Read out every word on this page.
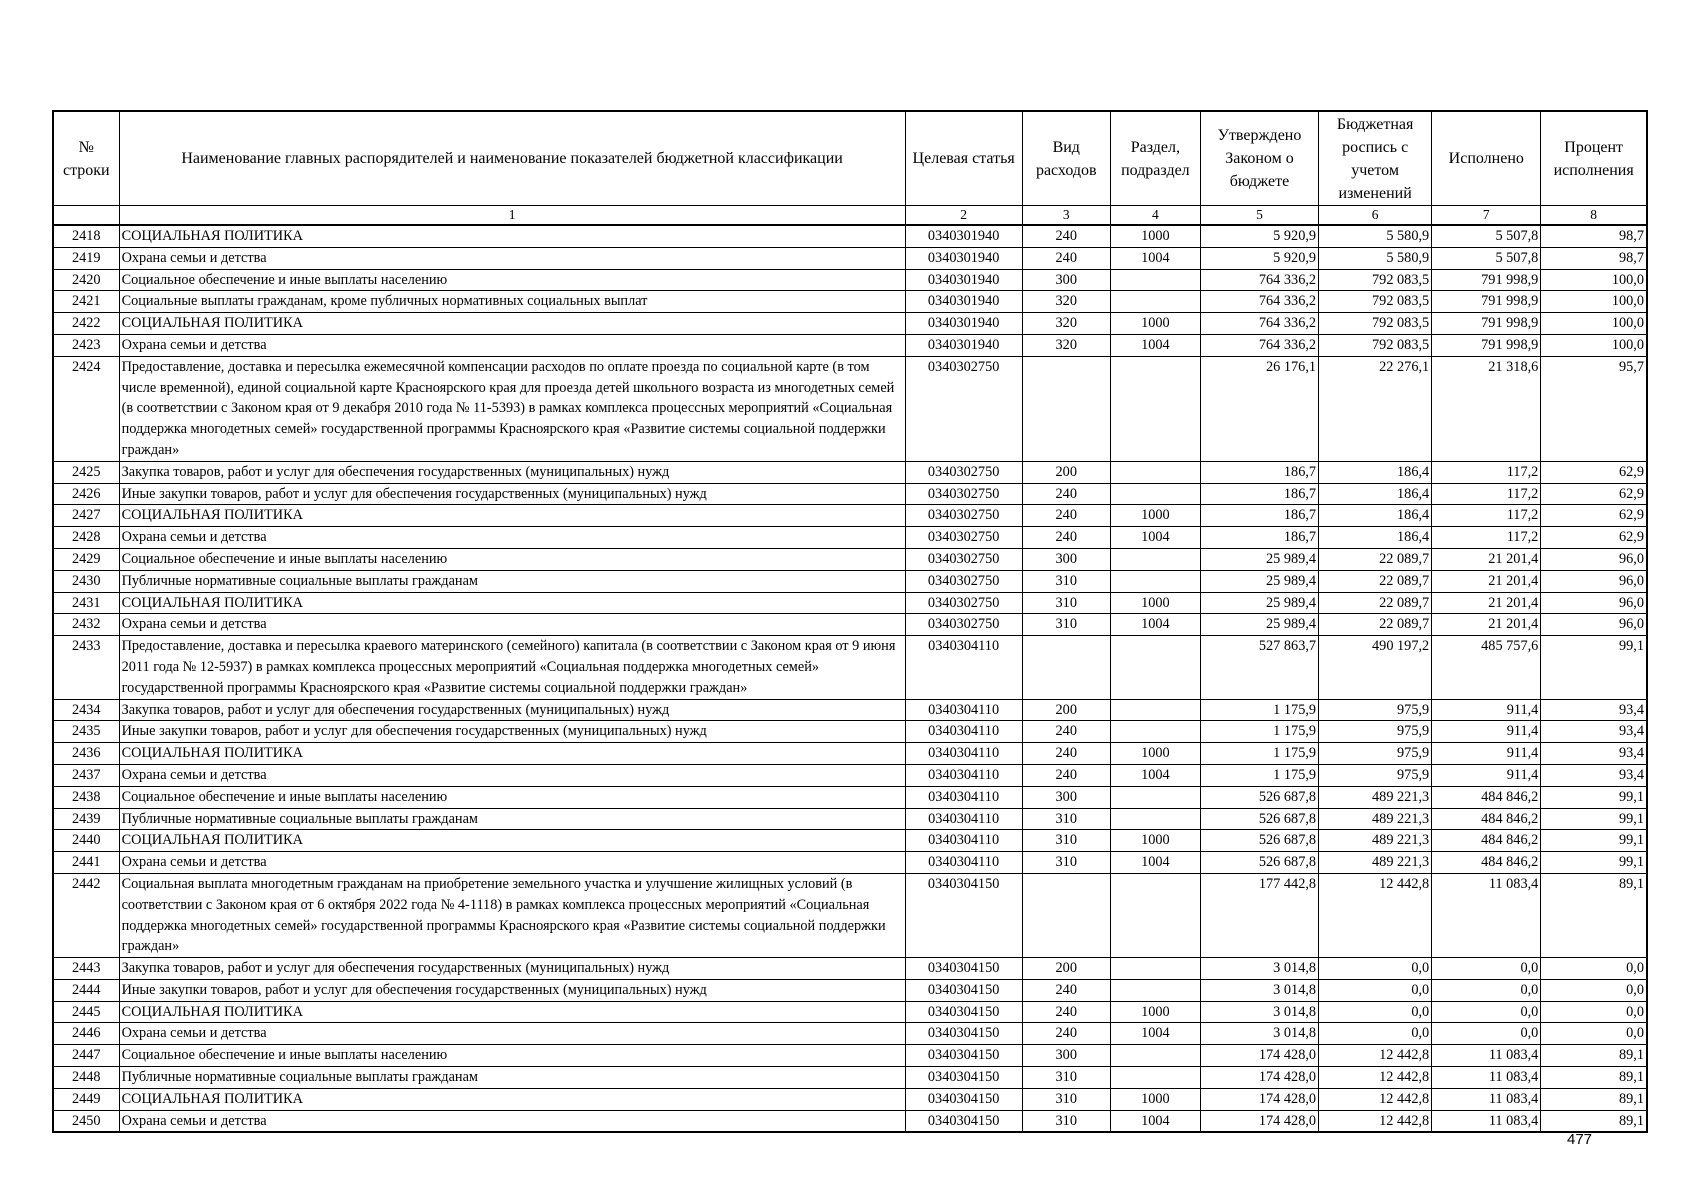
№ строки	Наименование главных распорядителей и наименование показателей бюджетной классификации	Целевая статья	Вид расходов	Раздел, подраздел	Утверждено Законом о бюджете	Бюджетная роспись с учетом изменений	Исполнено	Процент исполнения
	1	2	3	4	5	6	7	8
2418	СОЦИАЛЬНАЯ ПОЛИТИКА	0340301940	240	1000	5 920,9	5 580,9	5 507,8	98,7
2419	Охрана семьи и детства	0340301940	240	1004	5 920,9	5 580,9	5 507,8	98,7
2420	Социальное обеспечение и иные выплаты населению	0340301940	300		764 336,2	792 083,5	791 998,9	100,0
2421	Социальные выплаты гражданам, кроме публичных нормативных социальных выплат	0340301940	320		764 336,2	792 083,5	791 998,9	100,0
2422	СОЦИАЛЬНАЯ ПОЛИТИКА	0340301940	320	1000	764 336,2	792 083,5	791 998,9	100,0
2423	Охрана семьи и детства	0340301940	320	1004	764 336,2	792 083,5	791 998,9	100,0
2424	Предоставление, доставка и пересылка ежемесячной компенсации расходов по оплате проезда по социальной карте (в том числе временной), единой социальной карте Красноярского края для проезда детей школьного возраста из многодетных семей (в соответствии с Законом края от 9 декабря 2010 года № 11-5393) в рамках комплекса процессных мероприятий «Социальная поддержка многодетных семей» государственной программы Красноярского края «Развитие системы социальной поддержки граждан»	0340302750			26 176,1	22 276,1	21 318,6	95,7
2425	Закупка товаров, работ и услуг для обеспечения государственных (муниципальных) нужд	0340302750	200		186,7	186,4	117,2	62,9
2426	Иные закупки товаров, работ и услуг для обеспечения государственных (муниципальных) нужд	0340302750	240		186,7	186,4	117,2	62,9
2427	СОЦИАЛЬНАЯ ПОЛИТИКА	0340302750	240	1000	186,7	186,4	117,2	62,9
2428	Охрана семьи и детства	0340302750	240	1004	186,7	186,4	117,2	62,9
2429	Социальное обеспечение и иные выплаты населению	0340302750	300		25 989,4	22 089,7	21 201,4	96,0
2430	Публичные нормативные социальные выплаты гражданам	0340302750	310		25 989,4	22 089,7	21 201,4	96,0
2431	СОЦИАЛЬНАЯ ПОЛИТИКА	0340302750	310	1000	25 989,4	22 089,7	21 201,4	96,0
2432	Охрана семьи и детства	0340302750	310	1004	25 989,4	22 089,7	21 201,4	96,0
2433	Предоставление, доставка и пересылка краевого материнского (семейного) капитала (в соответствии с Законом края от 9 июня 2011 года № 12-5937) в рамках комплекса процессных мероприятий «Социальная поддержка многодетных семей» государственной программы Красноярского края «Развитие системы социальной поддержки граждан»	0340304110			527 863,7	490 197,2	485 757,6	99,1
2434	Закупка товаров, работ и услуг для обеспечения государственных (муниципальных) нужд	0340304110	200		1 175,9	975,9	911,4	93,4
2435	Иные закупки товаров, работ и услуг для обеспечения государственных (муниципальных) нужд	0340304110	240		1 175,9	975,9	911,4	93,4
2436	СОЦИАЛЬНАЯ ПОЛИТИКА	0340304110	240	1000	1 175,9	975,9	911,4	93,4
2437	Охрана семьи и детства	0340304110	240	1004	1 175,9	975,9	911,4	93,4
2438	Социальное обеспечение и иные выплаты населению	0340304110	300		526 687,8	489 221,3	484 846,2	99,1
2439	Публичные нормативные социальные выплаты гражданам	0340304110	310		526 687,8	489 221,3	484 846,2	99,1
2440	СОЦИАЛЬНАЯ ПОЛИТИКА	0340304110	310	1000	526 687,8	489 221,3	484 846,2	99,1
2441	Охрана семьи и детства	0340304110	310	1004	526 687,8	489 221,3	484 846,2	99,1
2442	Социальная выплата многодетным гражданам на приобретение земельного участка и улучшение жилищных условий (в соответствии с Законом края от 6 октября 2022 года № 4-1118) в рамках комплекса процессных мероприятий «Социальная поддержка многодетных семей» государственной программы Красноярского края «Развитие системы социальной поддержки граждан»	0340304150			177 442,8	12 442,8	11 083,4	89,1
2443	Закупка товаров, работ и услуг для обеспечения государственных (муниципальных) нужд	0340304150	200		3 014,8	0,0	0,0	0,0
2444	Иные закупки товаров, работ и услуг для обеспечения государственных (муниципальных) нужд	0340304150	240		3 014,8	0,0	0,0	0,0
2445	СОЦИАЛЬНАЯ ПОЛИТИКА	0340304150	240	1000	3 014,8	0,0	0,0	0,0
2446	Охрана семьи и детства	0340304150	240	1004	3 014,8	0,0	0,0	0,0
2447	Социальное обеспечение и иные выплаты населению	0340304150	300		174 428,0	12 442,8	11 083,4	89,1
2448	Публичные нормативные социальные выплаты гражданам	0340304150	310		174 428,0	12 442,8	11 083,4	89,1
2449	СОЦИАЛЬНАЯ ПОЛИТИКА	0340304150	310	1000	174 428,0	12 442,8	11 083,4	89,1
2450	Охрана семьи и детства	0340304150	310	1004	174 428,0	12 442,8	11 083,4	89,1
477
